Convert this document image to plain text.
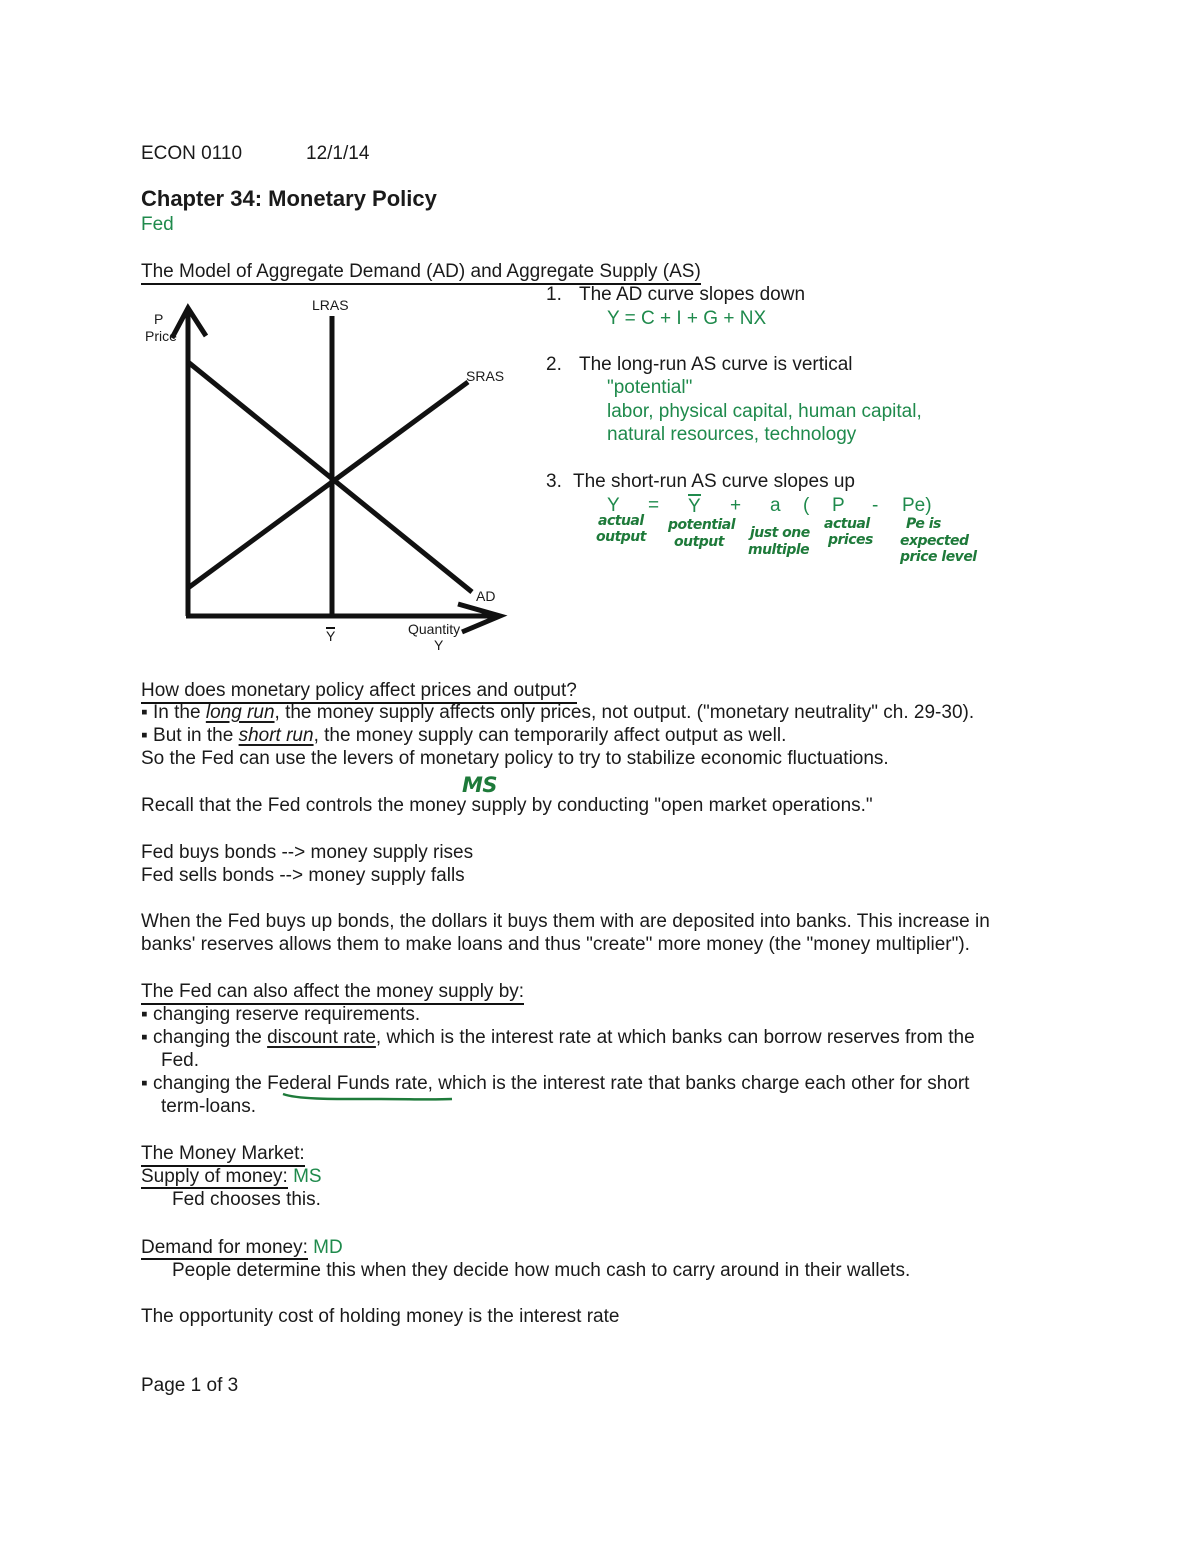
ECON 0110	12/1/14
Chapter 34: Monetary Policy
Fed
The Model of Aggregate Demand (AD) and Aggregate Supply (AS)
P
Price
LRAS
SRAS
AD
Y	Quantity
Y
1. The AD curve slopes down
Y = C + I + G + NX
2. The long-run AS curve is vertical
"potential"
labor, physical capital, human capital,
natural resources, technology
3. The short-run AS curve slopes up
Y = Y + a ( P - Pe)
actual
output
potential
output
just one
multiple
actual
prices
Pe is
expected
price level
How does monetary policy affect prices and output?
▪ In the long run, the money supply affects only prices, not output. ("monetary neutrality" ch. 29-30).
▪ But in the short run, the money supply can temporarily affect output as well.
So the Fed can use the levers of monetary policy to try to stabilize economic fluctuations.
MS
Recall that the Fed controls the money supply by conducting "open market operations."
Fed buys bonds --> money supply rises
Fed sells bonds --> money supply falls
When the Fed buys up bonds, the dollars it buys them with are deposited into banks. This increase in
banks' reserves allows them to make loans and thus "create" more money (the "money multiplier").
The Fed can also affect the money supply by:
▪ changing reserve requirements.
▪ changing the discount rate, which is the interest rate at which banks can borrow reserves from the
Fed.
▪ changing the Federal Funds rate, which is the interest rate that banks charge each other for short
term-loans.
The Money Market:
Supply of money: MS
Fed chooses this.
Demand for money: MD
People determine this when they decide how much cash to carry around in their wallets.
The opportunity cost of holding money is the interest rate
Page 1 of 3
